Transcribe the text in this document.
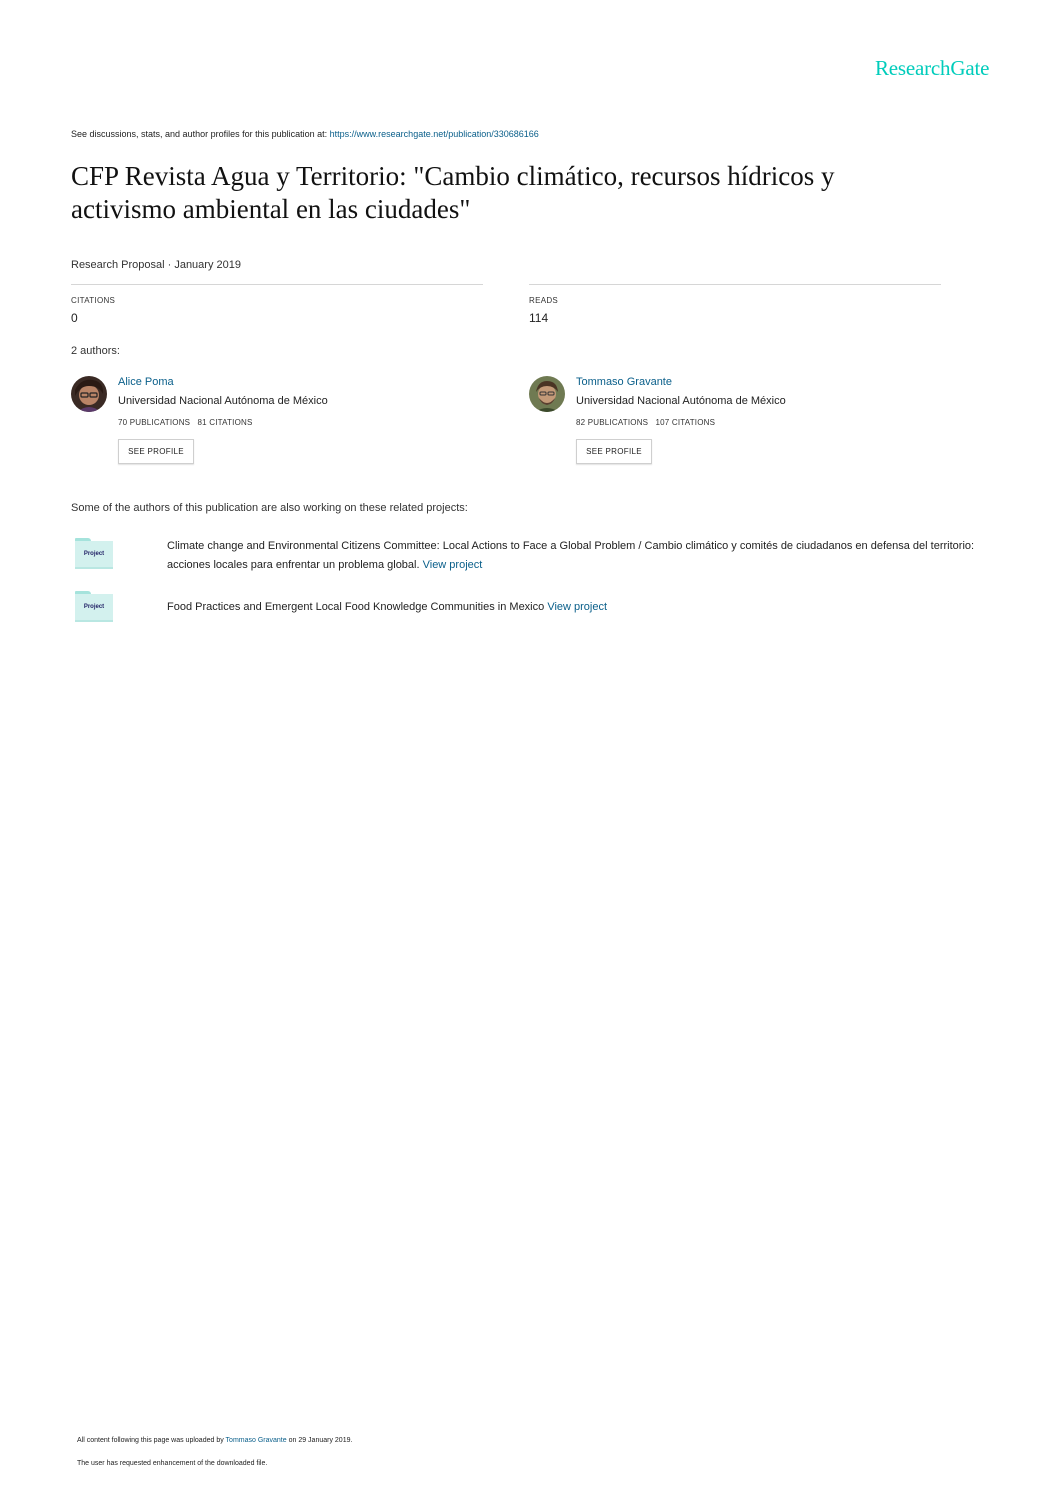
ResearchGate
See discussions, stats, and author profiles for this publication at: https://www.researchgate.net/publication/330686166
CFP Revista Agua y Territorio: "Cambio climático, recursos hídricos y
activismo ambiental en las ciudades"
Research Proposal · January 2019
CITATIONS
0
READS
114
2 authors:
Alice Poma
Universidad Nacional Autónoma de México
70 PUBLICATIONS 81 CITATIONS
SEE PROFILE
Tommaso Gravante
Universidad Nacional Autónoma de México
82 PUBLICATIONS 107 CITATIONS
SEE PROFILE
Some of the authors of this publication are also working on these related projects:
Project
Climate change and Environmental Citizens Committee: Local Actions to Face a Global Problem / Cambio climático y comités de ciudadanos en defensa del territorio:
acciones locales para enfrentar un problema global. View project
Project	Food Practices and Emergent Local Food Knowledge Communities in Mexico View project
All content following this page was uploaded by Tommaso Gravante on 29 January 2019.
The user has requested enhancement of the downloaded file.
